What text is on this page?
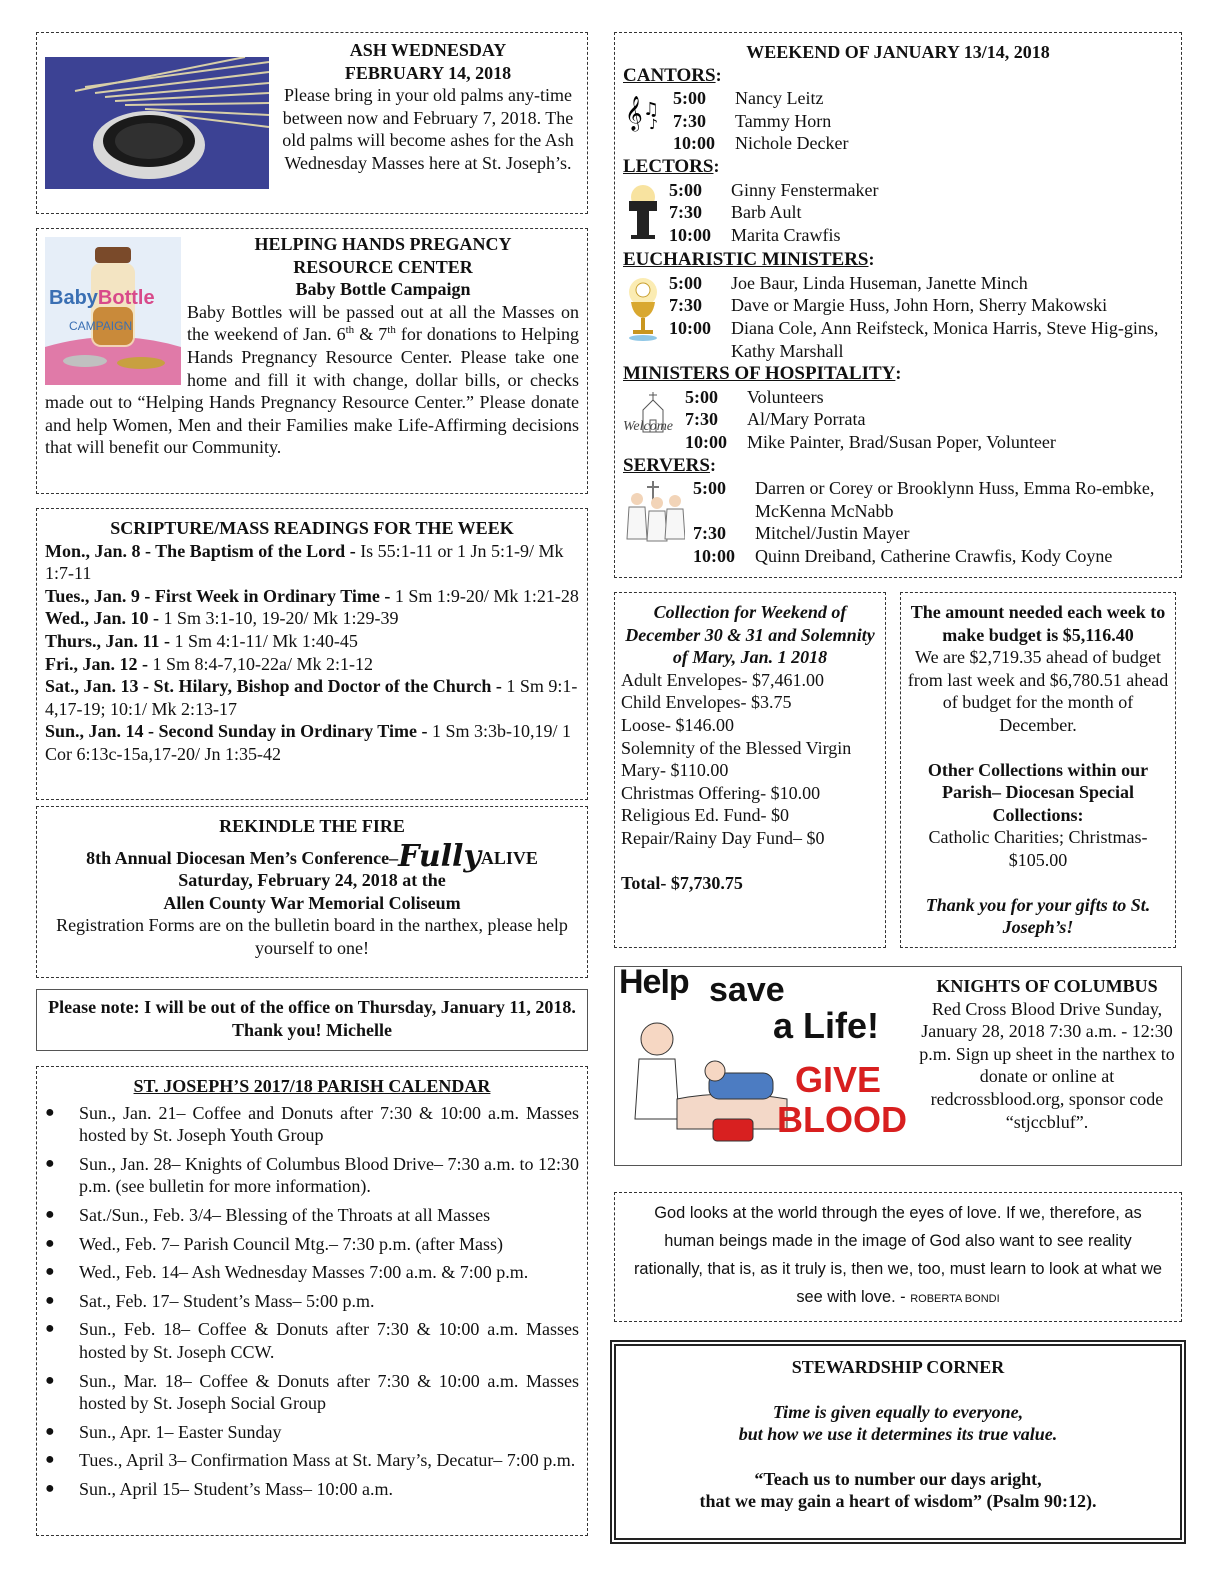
ASH WEDNESDAY

FEBRUARY 14, 2018

Please bring in your old palms any-time between now and February 7, 2018. The old palms will become ashes for the Ash Wednesday Masses here at St. Joseph’s.

BabyBottle
CAMPAIGN

HELPING HANDS PREGANCY

RESOURCE CENTER

Baby Bottle Campaign

Baby Bottles will be passed out at all the Masses on the weekend of Jan. 6th & 7th for donations to Helping Hands Pregnancy Resource Center. Please take one home and fill it with change, dollar bills, or checks made out to “Helping Hands Pregnancy Resource Center.” Please donate and help Women, Men and their Families make Life-Affirming decisions that will benefit our Community.

SCRIPTURE/MASS READINGS FOR THE WEEK

Mon., Jan. 8 - The Baptism of the Lord - Is 55:1-11 or 1 Jn 5:1-9/ Mk 1:7-11

Tues., Jan. 9 - First Week in Ordinary Time - 1 Sm 1:9-20/ Mk 1:21-28

Wed., Jan. 10 - 1 Sm 3:1-10, 19-20/ Mk 1:29-39

Thurs., Jan. 11 - 1 Sm 4:1-11/ Mk 1:40-45

Fri., Jan. 12 - 1 Sm 8:4-7,10-22a/ Mk 2:1-12

Sat., Jan. 13 - St. Hilary, Bishop and Doctor of the Church - 1 Sm 9:1-4,17-19; 10:1/ Mk 2:13-17

Sun., Jan. 14 - Second Sunday in Ordinary Time - 1 Sm 3:3b-10,19/ 1 Cor 6:13c-15a,17-20/ Jn 1:35-42

REKINDLE THE FIRE

8th Annual Diocesan Men’s Conference–FullyALIVE

Saturday, February 24, 2018 at the

Allen County War Memorial Coliseum

Registration Forms are on the bulletin board in the narthex, please help yourself to one!

Please note: I will be out of the office on Thursday, January 11, 2018. Thank you! Michelle

ST. JOSEPH’S 2017/18 PARISH CALENDAR

● Sun., Jan. 21– Coffee and Donuts after 7:30 & 10:00 a.m. Masses hosted by St. Joseph Youth Group
● Sun., Jan. 28– Knights of Columbus Blood Drive– 7:30 a.m. to 12:30 p.m. (see bulletin for more information).
● Sat./Sun., Feb. 3/4– Blessing of the Throats at all Masses
● Wed., Feb. 7– Parish Council Mtg.– 7:30 p.m. (after Mass)
● Wed., Feb. 14– Ash Wednesday Masses 7:00 a.m. & 7:00 p.m.
● Sat., Feb. 17– Student’s Mass– 5:00 p.m.
● Sun., Feb. 18– Coffee & Donuts after 7:30 & 10:00 a.m. Masses hosted by St. Joseph CCW.
● Sun., Mar. 18– Coffee & Donuts after 7:30 & 10:00 a.m. Masses hosted by St. Joseph Social Group
● Sun., Apr. 1– Easter Sunday
● Tues., April 3– Confirmation Mass at St. Mary’s, Decatur– 7:00 p.m.
● Sun., April 15– Student’s Mass– 10:00 a.m.

WEEKEND OF JANUARY 13/14, 2018

CANTORS:
𝄞 ♫
♪
5:00	Nancy Leitz
7:30	Tammy Horn
10:00	Nichole Decker
LECTORS:
5:00	Ginny Fenstermaker
7:30	Barb Ault
10:00	Marita Crawfis
EUCHARISTIC MINISTERS:
5:00	Joe Baur, Linda Huseman, Janette Minch
7:30	Dave or Margie Huss, John Horn, Sherry Makowski
10:00	Diana Cole, Ann Reifsteck, Monica Harris, Steve Hig-gins, Kathy Marshall
MINISTERS OF HOSPITALITY:
Welcome
5:00	Volunteers
7:30	Al/Mary Porrata
10:00	Mike Painter, Brad/Susan Poper, Volunteer
SERVERS:
5:00	Darren or Corey or Brooklynn Huss, Emma Ro-embke, McKenna McNabb
7:30	Mitchel/Justin Mayer
10:00	Quinn Dreiband, Catherine Crawfis, Kody Coyne

Collection for Weekend of December 30 & 31 and Solemnity of Mary, Jan. 1 2018

Adult Envelopes- $7,461.00

Child Envelopes- $3.75

Loose- $146.00

Solemnity of the Blessed Virgin Mary- $110.00

Christmas Offering- $10.00

Religious Ed. Fund- $0

Repair/Rainy Day Fund– $0

Total- $7,730.75

The amount needed each week to make budget is $5,116.40

We are $2,719.35 ahead of budget from last week and $6,780.51 ahead of budget for the month of December.

Other Collections within our Parish– Diocesan Special Collections:

Catholic Charities; Christmas- $105.00

Thank you for your gifts to St. Joseph’s!

Help save
a Life!
GIVE
BLOOD

KNIGHTS OF COLUMBUS

Red Cross Blood Drive Sunday, January 28, 2018 7:30 a.m. - 12:30 p.m. Sign up sheet in the narthex to donate or online at redcrossblood.org, sponsor code “stjccbluf”.

God looks at the world through the eyes of love. If we, therefore, as human beings made in the image of God also want to see reality rationally, that is, as it truly is, then we, too, must learn to look at what we see with love. - ROBERTA BONDI

STEWARDSHIP CORNER

Time is given equally to everyone,

but how we use it determines its true value.

“Teach us to number our days aright,

that we may gain a heart of wisdom” (Psalm 90:12).
